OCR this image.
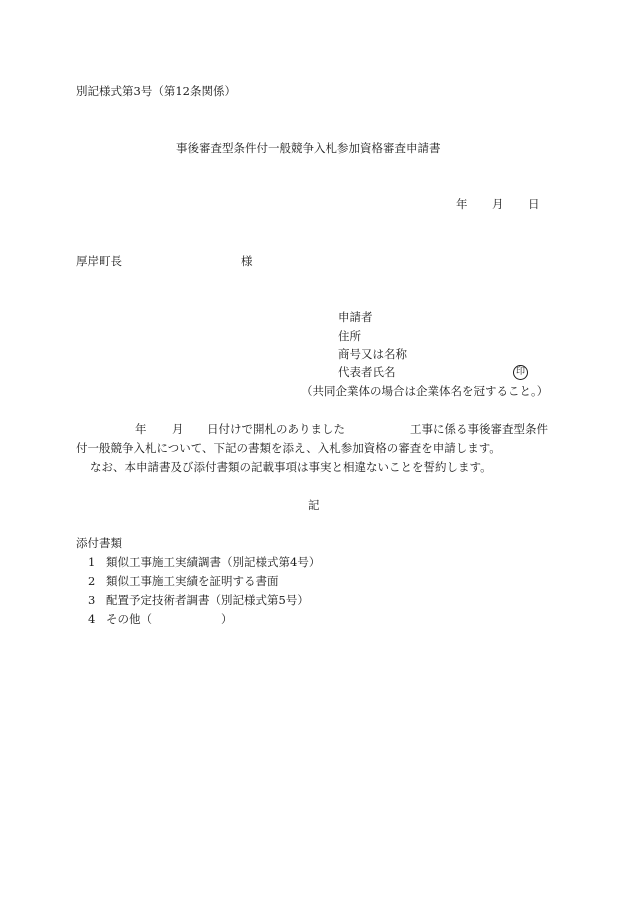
別記様式第3号（第12条関係）
事後審査型条件付一般競争入札参加資格審査申請書
年 月 日
厚岸町長	様
申請者
住所
商号又は名称
代表者氏名	印
（共同企業体の場合は企業体名を冠すること。）
年 月 日付けで開札のありました	工事に係る事後審査型条件
付一般競争入札について、下記の書類を添え、入札参加資格の審査を申請します。
なお、本申請書及び添付書類の記載事項は事実と相違ないことを誓約します。
記
添付書類
1 類似工事施工実績調書（別記様式第4号）
2 類似工事施工実績を証明する書面
3 配置予定技術者調書（別記様式第5号）
4 その他（　　　　　　）
